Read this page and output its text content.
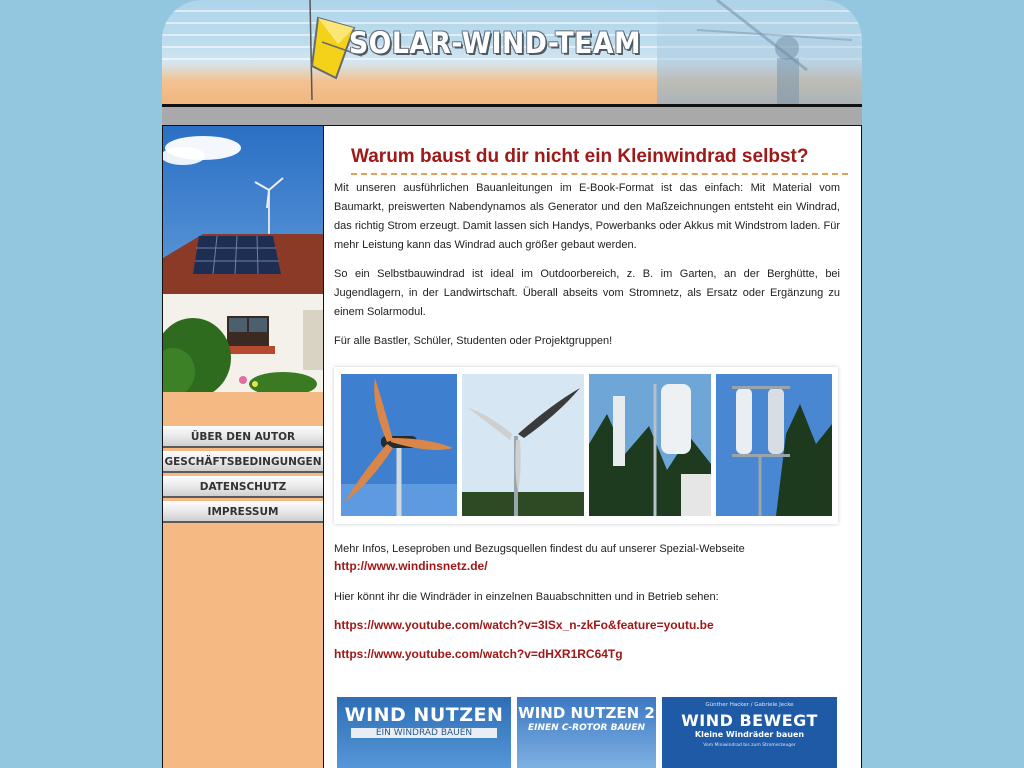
SOLAR-WIND-TEAM
ÜBER DEN AUTOR
GESCHÄFTSBEDINGUNGEN
DATENSCHUTZ
IMPRESSUM
Warum baust du dir nicht ein Kleinwindrad selbst?
Mit unseren ausführlichen Bauanleitungen im E-Book-Format ist das einfach: Mit Material vom Baumarkt, preiswerten Nabendynamos als Generator und den Maßzeichnungen entsteht ein Windrad, das richtig Strom erzeugt. Damit lassen sich Handys, Powerbanks oder Akkus mit Windstrom laden. Für mehr Leistung kann das Windrad auch größer gebaut werden.
So ein Selbstbauwindrad ist ideal im Outdoorbereich, z. B. im Garten, an der Berghütte, bei Jugendlagern, in der Landwirtschaft. Überall abseits vom Stromnetz, als Ersatz oder Ergänzung zu einem Solarmodul.
Für alle Bastler, Schüler, Studenten oder Projektgruppen!
Mehr Infos, Leseproben und Bezugsquellen findest du auf unserer Spezial-Webseite
http://www.windinsnetz.de/
Hier könnt ihr die Windräder in einzelnen Bauabschnitten und in Betrieb sehen:
https://www.youtube.com/watch?v=3ISx_n-zkFo&feature=youtu.be
https://www.youtube.com/watch?v=dHXR1RC64Tg
WIND NUTZEN
EIN WINDRAD BAUEN
WIND NUTZEN 2
EINEN C-ROTOR BAUEN
Günther Hacker / Gabriele Jecke
WIND BEWEGT
Kleine Windräder bauen
Vom Miniwindrad bis zum Stromerzeuger
